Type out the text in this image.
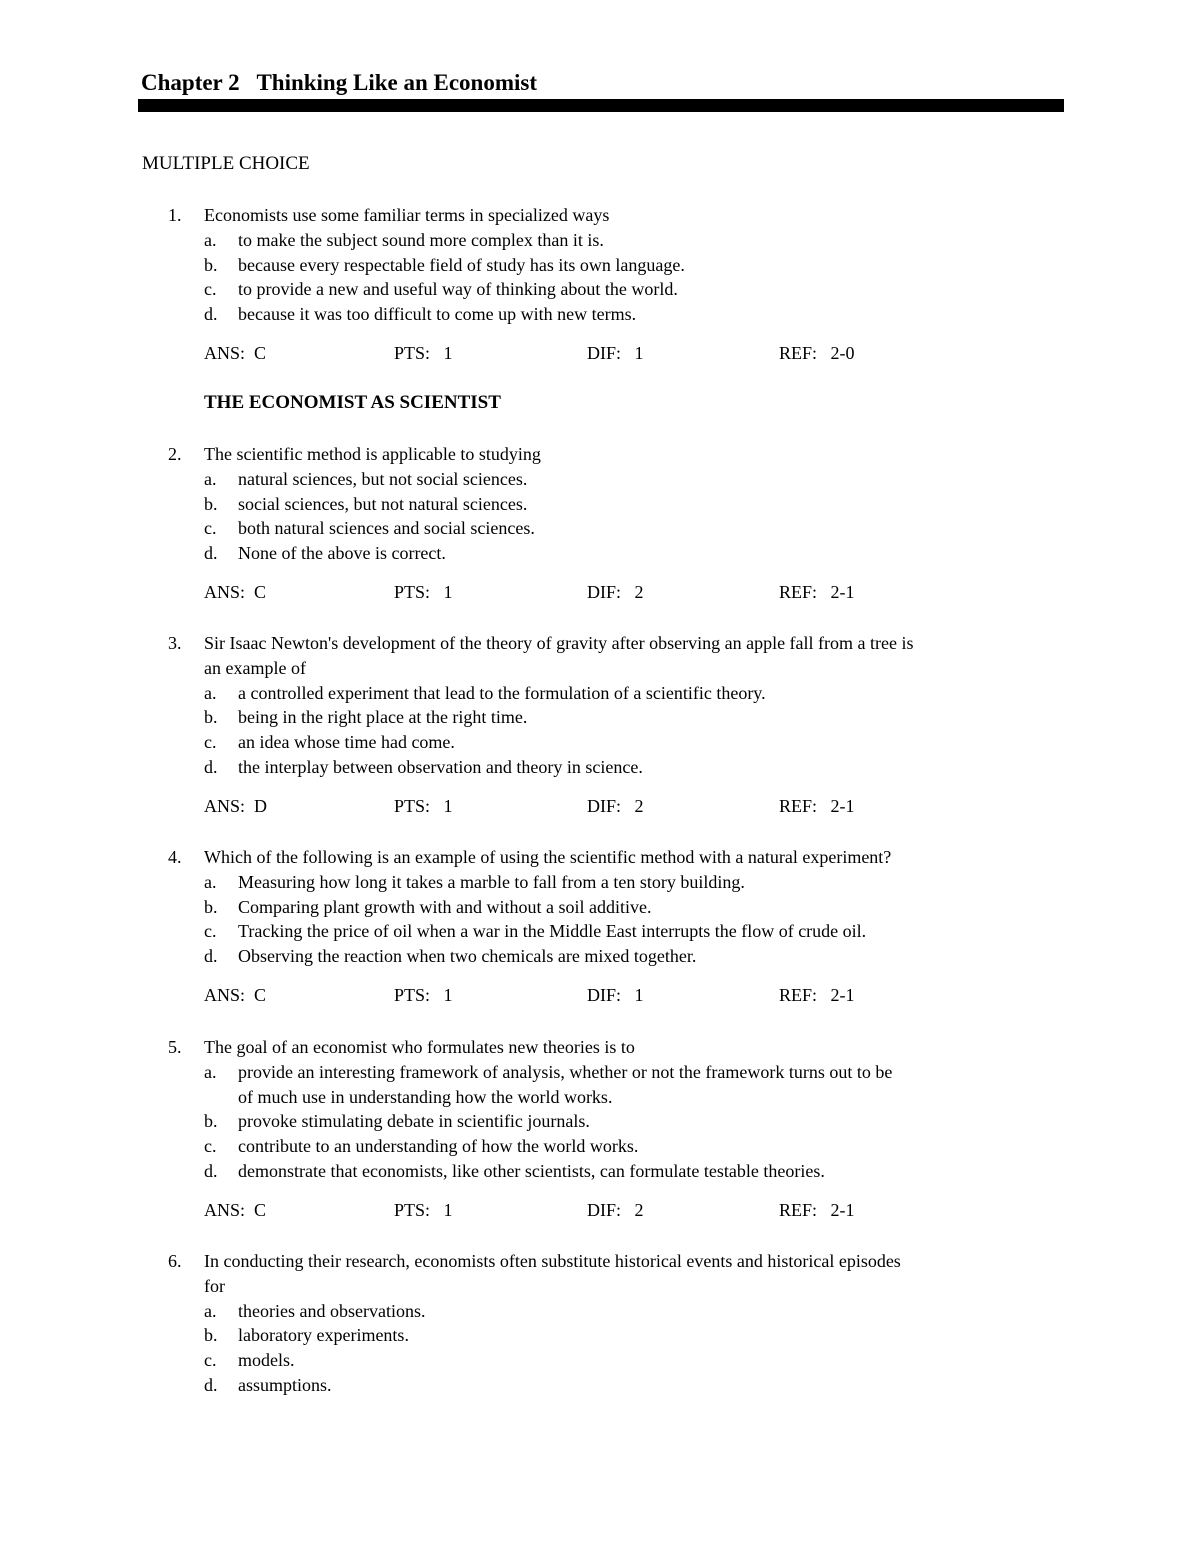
Chapter 2   Thinking Like an Economist
MULTIPLE CHOICE
THE ECONOMIST AS SCIENTIST
1.	Economists use some familiar terms in specialized ways
a. to make the subject sound more complex than it is.
b. because every respectable field of study has its own language.
c. to provide a new and useful way of thinking about the world.
d. because it was too difficult to come up with new terms.
ANS:  C	PTS:   1	DIF:   1	REF:   2-0
2.	The scientific method is applicable to studying
a. natural sciences, but not social sciences.
b. social sciences, but not natural sciences.
c. both natural sciences and social sciences.
d. None of the above is correct.
ANS:  C	PTS:   1	DIF:   2	REF:   2-1
3.	Sir Isaac Newton's development of the theory of gravity after observing an apple fall from a tree is
an example of
a. a controlled experiment that lead to the formulation of a scientific theory.
b. being in the right place at the right time.
c. an idea whose time had come.
d. the interplay between observation and theory in science.
ANS:  D	PTS:   1	DIF:   2	REF:   2-1
4.	Which of the following is an example of using the scientific method with a natural experiment?
a. Measuring how long it takes a marble to fall from a ten story building.
b. Comparing plant growth with and without a soil additive.
c. Tracking the price of oil when a war in the Middle East interrupts the flow of crude oil.
d. Observing the reaction when two chemicals are mixed together.
ANS:  C	PTS:   1	DIF:   1	REF:   2-1
5.	The goal of an economist who formulates new theories is to
a. provide an interesting framework of analysis, whether or not the framework turns out to be
of much use in understanding how the world works.
b. provoke stimulating debate in scientific journals.
c. contribute to an understanding of how the world works.
d. demonstrate that economists, like other scientists, can formulate testable theories.
ANS:  C	PTS:   1	DIF:   2	REF:   2-1
6.	In conducting their research, economists often substitute historical events and historical episodes
for
a. theories and observations.
b. laboratory experiments.
c. models.
d. assumptions.
